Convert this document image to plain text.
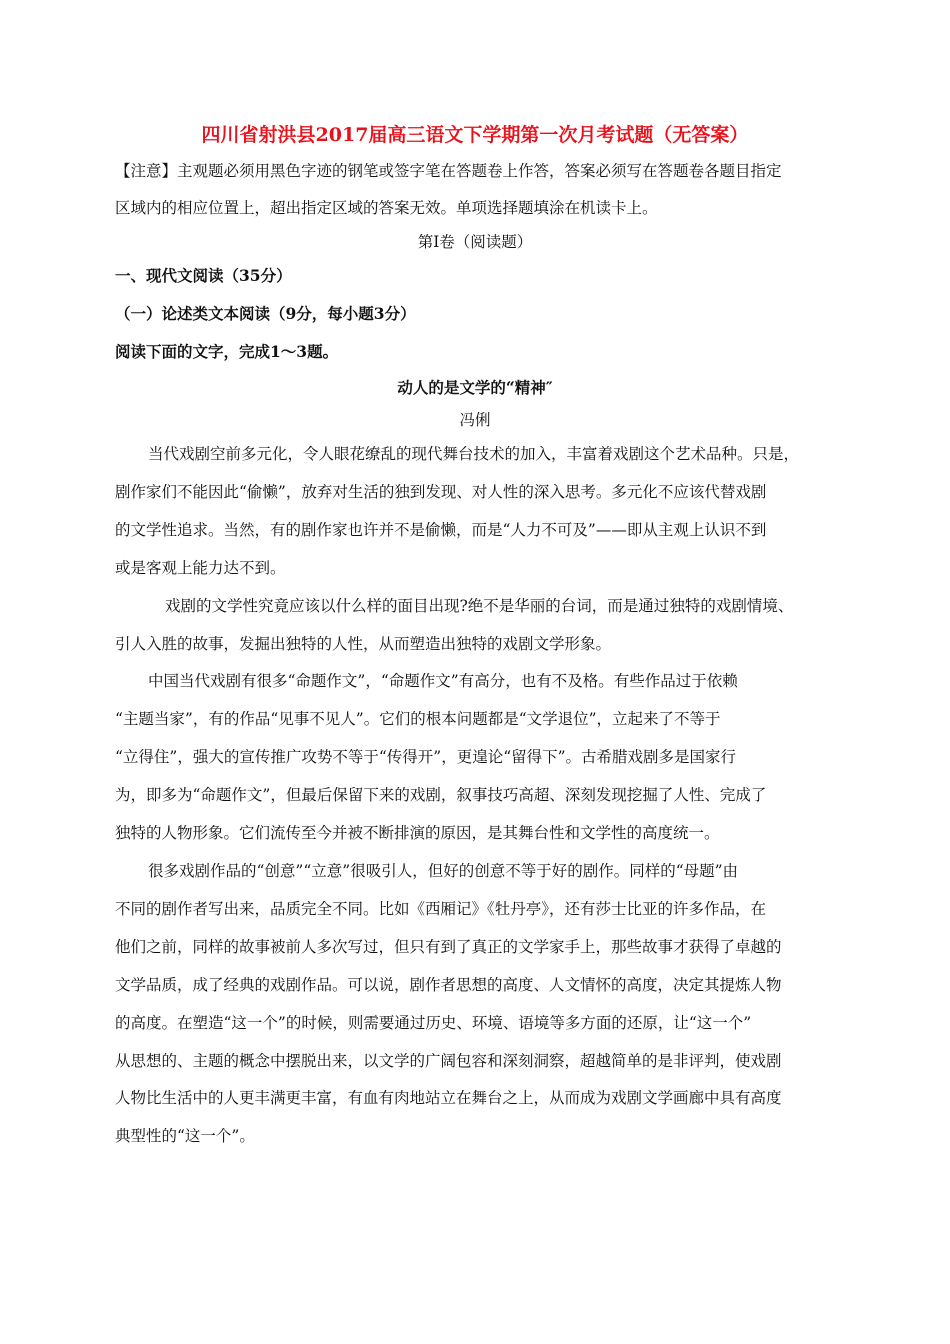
四川省射洪县2017届高三语文下学期第一次月考试题（无答案）

【注意】主观题必须用黑色字迹的钢笔或签字笔在答题卷上作答，答案必须写在答题卷各题目指定

区域内的相应位置上，超出指定区域的答案无效。单项选择题填涂在机读卡上。

第Ⅰ卷（阅读题）
一、现代文阅读（35分）
（一）论述类文本阅读（9分，每小题3分）
阅读下面的文字，完成1～3题。
动人的是文学的“精神″
冯俐

当代戏剧空前多元化，令人眼花缭乱的现代舞台技术的加入，丰富着戏剧这个艺术品种。只是，

剧作家们不能因此“偷懒”，放弃对生活的独到发现、对人性的深入思考。多元化不应该代替戏剧

的文学性追求。当然，有的剧作家也许并不是偷懒，而是“人力不可及”——即从主观上认识不到

或是客观上能力达不到。

戏剧的文学性究竟应该以什么样的面目出现?绝不是华丽的台词，而是通过独特的戏剧情境、

引人入胜的故事，发掘出独特的人性，从而塑造出独特的戏剧文学形象。

中国当代戏剧有很多“命题作文”，“命题作文”有高分，也有不及格。有些作品过于依赖

“主题当家”，有的作品“见事不见人”。它们的根本问题都是“文学退位”，立起来了不等于

“立得住”，强大的宣传推广攻势不等于“传得开”，更遑论“留得下”。古希腊戏剧多是国家行

为，即多为“命题作文”，但最后保留下来的戏剧，叙事技巧高超、深刻发现挖掘了人性、完成了

独特的人物形象。它们流传至今并被不断排演的原因，是其舞台性和文学性的高度统一。

很多戏剧作品的“创意”“立意”很吸引人，但好的创意不等于好的剧作。同样的“母题”由

不同的剧作者写出来，品质完全不同。比如《西厢记》《牡丹亭》，还有莎士比亚的许多作品，在

他们之前，同样的故事被前人多次写过，但只有到了真正的文学家手上，那些故事才获得了卓越的

文学品质，成了经典的戏剧作品。可以说，剧作者思想的高度、人文情怀的高度，决定其提炼人物

的高度。在塑造“这一个”的时候，则需要通过历史、环境、语境等多方面的还原，让“这一个”

从思想的、主题的概念中摆脱出来，以文学的广阔包容和深刻洞察，超越简单的是非评判，使戏剧

人物比生活中的人更丰满更丰富，有血有肉地站立在舞台之上，从而成为戏剧文学画廊中具有高度

典型性的“这一个”。
